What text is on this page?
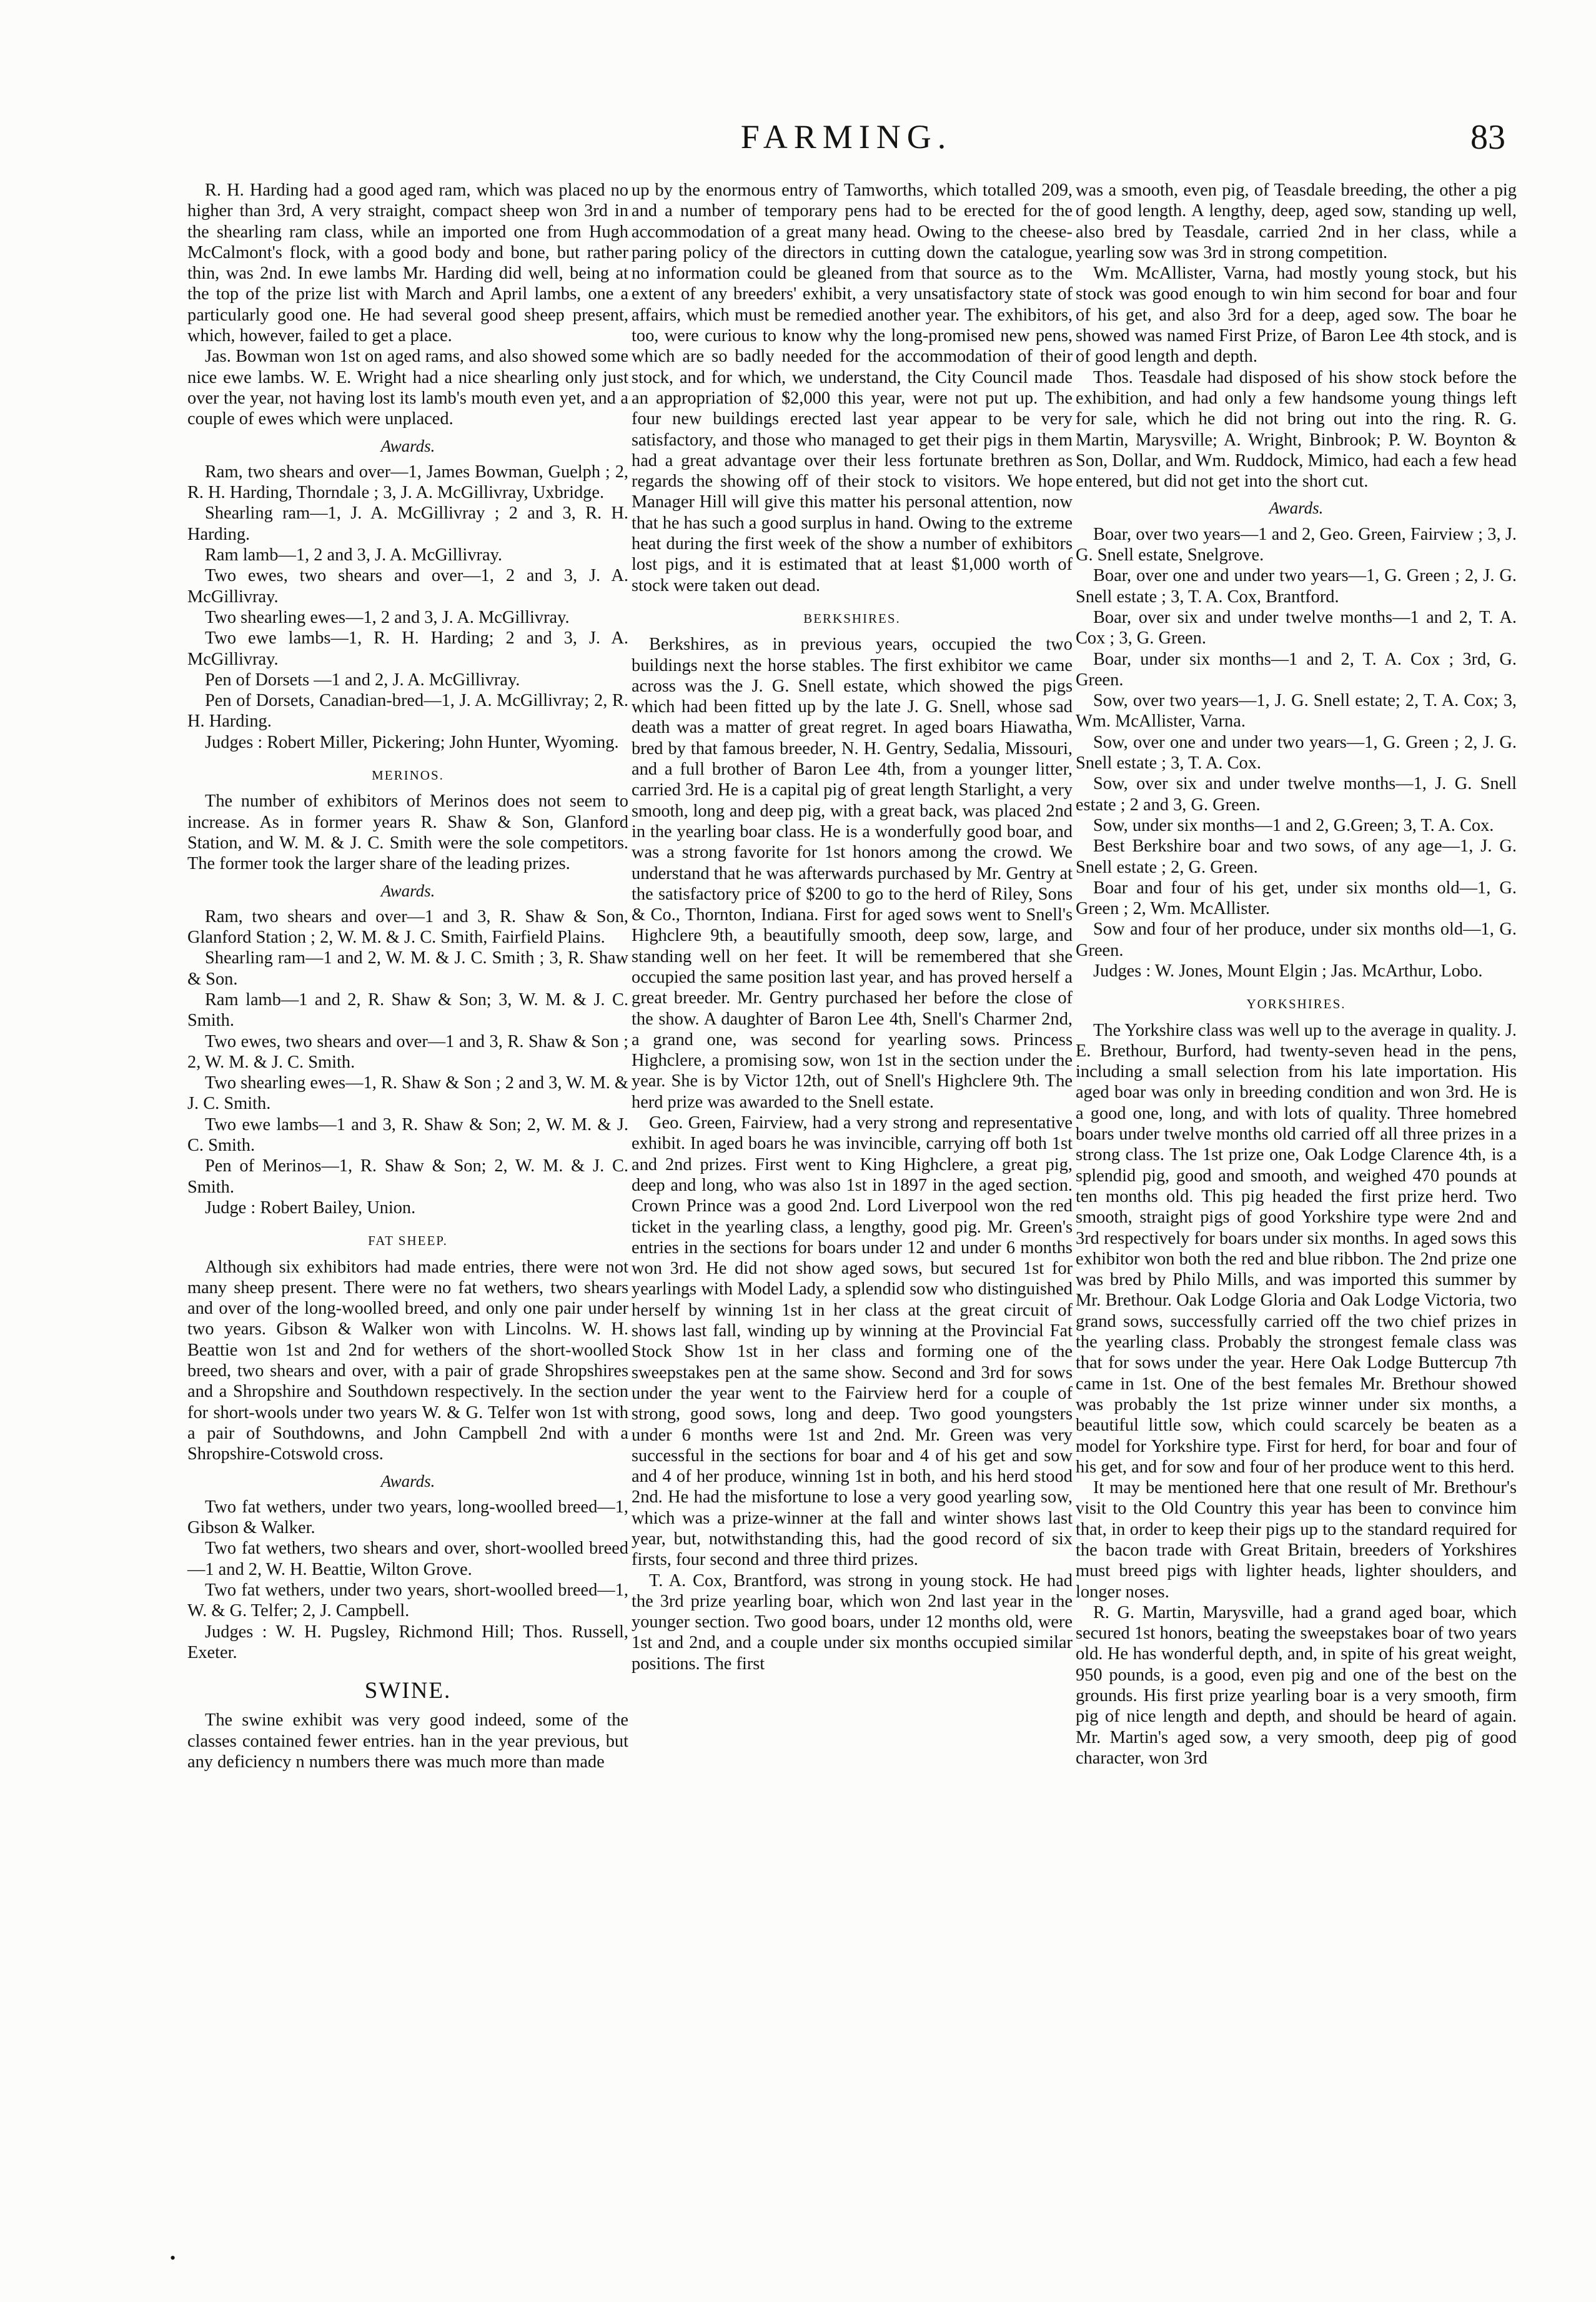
FARMING.	83

R. H. Harding had a good aged ram, which was placed no higher than 3rd, A very straight, compact sheep won 3rd in the shearling ram class, while an imported one from Hugh McCalmont's flock, with a good body and bone, but rather thin, was 2nd. In ewe lambs Mr. Harding did well, being at the top of the prize list with March and April lambs, one a particularly good one. He had several good sheep present, which, however, failed to get a place.

Jas. Bowman won 1st on aged rams, and also showed some nice ewe lambs. W. E. Wright had a nice shearling only just over the year, not having lost its lamb's mouth even yet, and a couple of ewes which were unplaced.

Awards.

Ram, two shears and over—1, James Bowman, Guelph ; 2, R. H. Harding, Thorndale ; 3, J. A. McGillivray, Uxbridge.

Shearling ram—1, J. A. McGillivray ; 2 and 3, R. H. Harding.

Ram lamb—1, 2 and 3, J. A. McGillivray.

Two ewes, two shears and over—1, 2 and 3, J. A. McGillivray.

Two shearling ewes—1, 2 and 3, J. A. McGillivray.

Two ewe lambs—1, R. H. Harding; 2 and 3, J. A. McGillivray.

Pen of Dorsets —1 and 2, J. A. McGillivray.

Pen of Dorsets, Canadian-bred—1, J. A. McGillivray; 2, R. H. Harding.

Judges : Robert Miller, Pickering; John Hunter, Wyoming.

MERINOS.

The number of exhibitors of Merinos does not seem to increase. As in former years R. Shaw & Son, Glanford Station, and W. M. & J. C. Smith were the sole competitors. The former took the larger share of the leading prizes.

Awards.

Ram, two shears and over—1 and 3, R. Shaw & Son, Glanford Station ; 2, W. M. & J. C. Smith, Fairfield Plains.

Shearling ram—1 and 2, W. M. & J. C. Smith ; 3, R. Shaw & Son.

Ram lamb—1 and 2, R. Shaw & Son; 3, W. M. & J. C. Smith.

Two ewes, two shears and over—1 and 3, R. Shaw & Son ; 2, W. M. & J. C. Smith.

Two shearling ewes—1, R. Shaw & Son ; 2 and 3, W. M. & J. C. Smith.

Two ewe lambs—1 and 3, R. Shaw & Son; 2, W. M. & J. C. Smith.

Pen of Merinos—1, R. Shaw & Son; 2, W. M. & J. C. Smith.

Judge : Robert Bailey, Union.

FAT SHEEP.

Although six exhibitors had made entries, there were not many sheep present. There were no fat wethers, two shears and over of the long-woolled breed, and only one pair under two years. Gibson & Walker won with Lincolns. W. H. Beattie won 1st and 2nd for wethers of the short-woolled breed, two shears and over, with a pair of grade Shropshires and a Shropshire and Southdown respectively. In the section for short-wools under two years W. & G. Telfer won 1st with a pair of Southdowns, and John Campbell 2nd with a Shropshire-Cotswold cross.

Awards.

Two fat wethers, under two years, long-woolled breed—1, Gibson & Walker.

Two fat wethers, two shears and over, short-woolled breed—1 and 2, W. H. Beattie, Wilton Grove.

Two fat wethers, under two years, short-woolled breed—1, W. & G. Telfer; 2, J. Campbell.

Judges : W. H. Pugsley, Richmond Hill; Thos. Russell, Exeter.

SWINE.

The swine exhibit was very good indeed, some of the classes contained fewer entries. han in the year previous, but any deficiency n numbers there was much more than made

up by the enormous entry of Tamworths, which totalled 209, and a number of temporary pens had to be erected for the accommodation of a great many head. Owing to the cheese-paring policy of the directors in cutting down the catalogue, no information could be gleaned from that source as to the extent of any breeders' exhibit, a very unsatisfactory state of affairs, which must be remedied another year. The exhibitors, too, were curious to know why the long-promised new pens, which are so badly needed for the accommodation of their stock, and for which, we understand, the City Council made an appropriation of $2,000 this year, were not put up. The four new buildings erected last year appear to be very satisfactory, and those who managed to get their pigs in them had a great advantage over their less fortunate brethren as regards the showing off of their stock to visitors. We hope Manager Hill will give this matter his personal attention, now that he has such a good surplus in hand. Owing to the extreme heat during the first week of the show a number of exhibitors lost pigs, and it is estimated that at least $1,000 worth of stock were taken out dead.

BERKSHIRES.

Berkshires, as in previous years, occupied the two buildings next the horse stables. The first exhibitor we came across was the J. G. Snell estate, which showed the pigs which had been fitted up by the late J. G. Snell, whose sad death was a matter of great regret. In aged boars Hiawatha, bred by that famous breeder, N. H. Gentry, Sedalia, Missouri, and a full brother of Baron Lee 4th, from a younger litter, carried 3rd. He is a capital pig of great length Starlight, a very smooth, long and deep pig, with a great back, was placed 2nd in the yearling boar class. He is a wonderfully good boar, and was a strong favorite for 1st honors among the crowd. We understand that he was afterwards purchased by Mr. Gentry at the satisfactory price of $200 to go to the herd of Riley, Sons & Co., Thornton, Indiana. First for aged sows went to Snell's Highclere 9th, a beautifully smooth, deep sow, large, and standing well on her feet. It will be remembered that she occupied the same position last year, and has proved herself a great breeder. Mr. Gentry purchased her before the close of the show. A daughter of Baron Lee 4th, Snell's Charmer 2nd, a grand one, was second for yearling sows. Princess Highclere, a promising sow, won 1st in the section under the year. She is by Victor 12th, out of Snell's Highclere 9th. The herd prize was awarded to the Snell estate.

Geo. Green, Fairview, had a very strong and representative exhibit. In aged boars he was invincible, carrying off both 1st and 2nd prizes. First went to King Highclere, a great pig, deep and long, who was also 1st in 1897 in the aged section. Crown Prince was a good 2nd. Lord Liverpool won the red ticket in the yearling class, a lengthy, good pig. Mr. Green's entries in the sections for boars under 12 and under 6 months won 3rd. He did not show aged sows, but secured 1st for yearlings with Model Lady, a splendid sow who distinguished herself by winning 1st in her class at the great circuit of shows last fall, winding up by winning at the Provincial Fat Stock Show 1st in her class and forming one of the sweepstakes pen at the same show. Second and 3rd for sows under the year went to the Fairview herd for a couple of strong, good sows, long and deep. Two good youngsters under 6 months were 1st and 2nd. Mr. Green was very successful in the sections for boar and 4 of his get and sow and 4 of her produce, winning 1st in both, and his herd stood 2nd. He had the misfortune to lose a very good yearling sow, which was a prize-winner at the fall and winter shows last year, but, notwithstanding this, had the good record of six firsts, four second and three third prizes.

T. A. Cox, Brantford, was strong in young stock. He had the 3rd prize yearling boar, which won 2nd last year in the younger section. Two good boars, under 12 months old, were 1st and 2nd, and a couple under six months occupied similar positions. The first

was a smooth, even pig, of Teasdale breeding, the other a pig of good length. A lengthy, deep, aged sow, standing up well, also bred by Teasdale, carried 2nd in her class, while a yearling sow was 3rd in strong competition.

Wm. McAllister, Varna, had mostly young stock, but his stock was good enough to win him second for boar and four of his get, and also 3rd for a deep, aged sow. The boar he showed was named First Prize, of Baron Lee 4th stock, and is of good length and depth.

Thos. Teasdale had disposed of his show stock before the exhibition, and had only a few handsome young things left for sale, which he did not bring out into the ring. R. G. Martin, Marysville; A. Wright, Binbrook; P. W. Boynton & Son, Dollar, and Wm. Ruddock, Mimico, had each a few head entered, but did not get into the short cut.

Awards.

Boar, over two years—1 and 2, Geo. Green, Fairview ; 3, J. G. Snell estate, Snelgrove.

Boar, over one and under two years—1, G. Green ; 2, J. G. Snell estate ; 3, T. A. Cox, Brantford.

Boar, over six and under twelve months—1 and 2, T. A. Cox ; 3, G. Green.

Boar, under six months—1 and 2, T. A. Cox ; 3rd, G. Green.

Sow, over two years—1, J. G. Snell estate; 2, T. A. Cox; 3, Wm. McAllister, Varna.

Sow, over one and under two years—1, G. Green ; 2, J. G. Snell estate ; 3, T. A. Cox.

Sow, over six and under twelve months—1, J. G. Snell estate ; 2 and 3, G. Green.

Sow, under six months—1 and 2, G.Green; 3, T. A. Cox.

Best Berkshire boar and two sows, of any age—1, J. G. Snell estate ; 2, G. Green.

Boar and four of his get, under six months old—1, G. Green ; 2, Wm. McAllister.

Sow and four of her produce, under six months old—1, G. Green.

Judges : W. Jones, Mount Elgin ; Jas. McArthur, Lobo.

YORKSHIRES.

The Yorkshire class was well up to the average in quality. J. E. Brethour, Burford, had twenty-seven head in the pens, including a small selection from his late importation. His aged boar was only in breeding condition and won 3rd. He is a good one, long, and with lots of quality. Three homebred boars under twelve months old carried off all three prizes in a strong class. The 1st prize one, Oak Lodge Clarence 4th, is a splendid pig, good and smooth, and weighed 470 pounds at ten months old. This pig headed the first prize herd. Two smooth, straight pigs of good Yorkshire type were 2nd and 3rd respectively for boars under six months. In aged sows this exhibitor won both the red and blue ribbon. The 2nd prize one was bred by Philo Mills, and was imported this summer by Mr. Brethour. Oak Lodge Gloria and Oak Lodge Victoria, two grand sows, successfully carried off the two chief prizes in the yearling class. Probably the strongest female class was that for sows under the year. Here Oak Lodge Buttercup 7th came in 1st. One of the best females Mr. Brethour showed was probably the 1st prize winner under six months, a beautiful little sow, which could scarcely be beaten as a model for Yorkshire type. First for herd, for boar and four of his get, and for sow and four of her produce went to this herd.

It may be mentioned here that one result of Mr. Brethour's visit to the Old Country this year has been to convince him that, in order to keep their pigs up to the standard required for the bacon trade with Great Britain, breeders of Yorkshires must breed pigs with lighter heads, lighter shoulders, and longer noses.

R. G. Martin, Marysville, had a grand aged boar, which secured 1st honors, beating the sweepstakes boar of two years old. He has wonderful depth, and, in spite of his great weight, 950 pounds, is a good, even pig and one of the best on the grounds. His first prize yearling boar is a very smooth, firm pig of nice length and depth, and should be heard of again. Mr. Martin's aged sow, a very smooth, deep pig of good character, won 3rd

•
